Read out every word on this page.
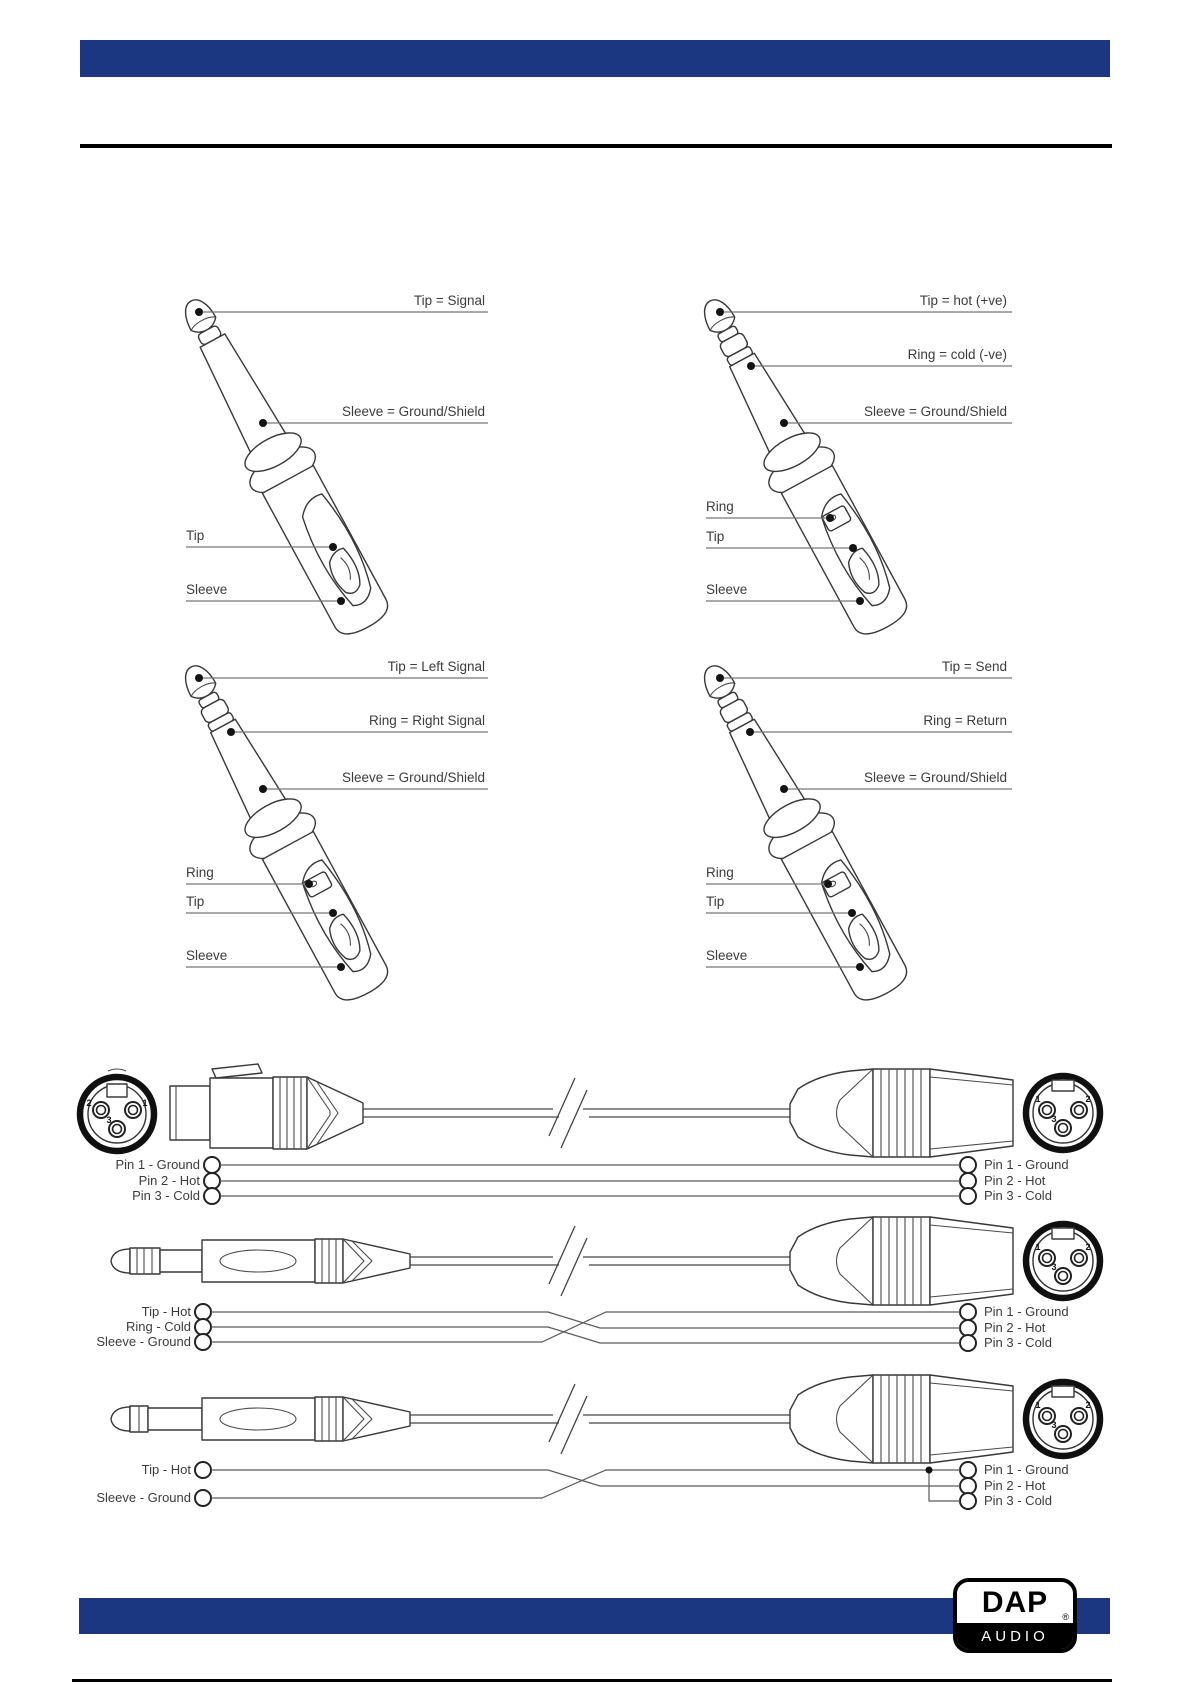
Tip = Signal
Sleeve = Ground/Shield
Tip
Sleeve
Tip = hot (+ve)
Ring = cold (-ve)
Sleeve = Ground/Shield
Ring
Tip
Sleeve
Tip = Left Signal
Ring = Right Signal
Sleeve = Ground/Shield
Ring
Tip
Sleeve
Tip = Send
Ring = Return
Sleeve = Ground/Shield
Ring
Tip
Sleeve
Pin 1 - Ground
Pin 2 - Hot
Pin 3 - Cold
Pin 1 - Ground
Pin 2 - Hot
Pin 3 - Cold
Tip - Hot
Ring - Cold
Sleeve - Ground
Pin 1 - Ground
Pin 2 - Hot
Pin 3 - Cold
Tip - Hot
Sleeve - Ground
Pin 1 - Ground
Pin 2 - Hot
Pin 3 - Cold
DAP ®
AUDIO
